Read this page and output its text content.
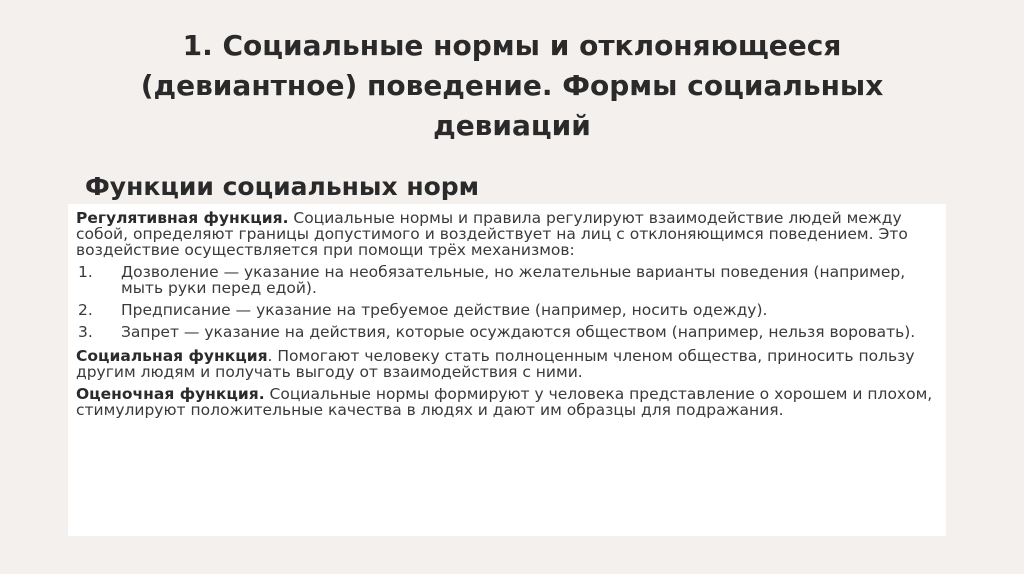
1. Социальные нормы и отклоняющееся
(девиантное) поведение. Формы социальных
девиаций
Функции социальных норм

Регулятивная функция. Социальные нормы и правила регулируют взаимодействие людей между собой, определяют границы допустимого и воздействует на лиц с отклоняющимся поведением. Это воздействие осуществляется при помощи трёх механизмов:

1. Дозволение — указание на необязательные, но желательные варианты поведения (например, мыть руки перед едой).
2. Предписание — указание на требуемое действие (например, носить одежду).
3. Запрет — указание на действия, которые осуждаются обществом (например, нельзя воровать).

Социальная функция. Помогают человеку стать полноценным членом общества, приносить пользу другим людям и получать выгоду от взаимодействия с ними.

Оценочная функция. Социальные нормы формируют у человека представление о хорошем и плохом, стимулируют положительные качества в людях и дают им образцы для подражания.
